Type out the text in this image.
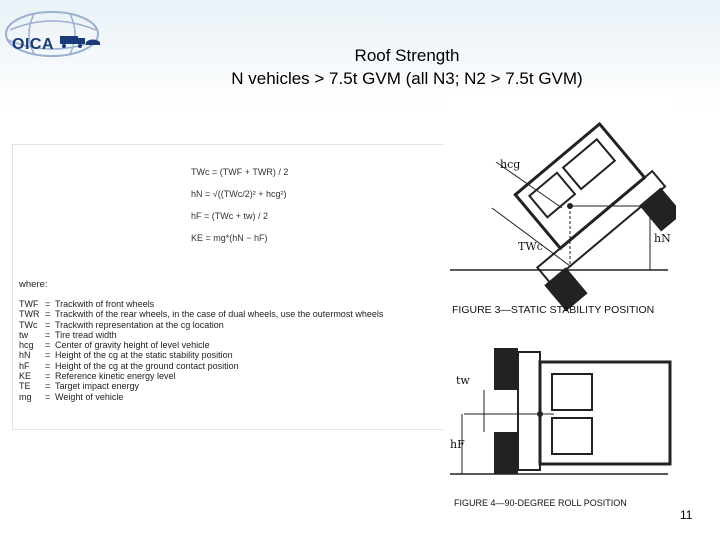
OICA
Roof Strength
N vehicles > 7.5t GVM (all N3; N2 > 7.5t GVM)
TWc = (TWF + TWR) / 2
hN = √((TWc/2)² + hcg²)
hF = (TWc + tw) / 2
KE = mg*(hN − hF)
where:
TWF = Trackwith of front wheels
TWR = Trackwith of the rear wheels, in the case of dual wheels, use the outermost wheels
TWc = Trackwith representation at the cg location
tw	= Tire tread width
hcg	= Center of gravity height of level vehicle
hN	= Height of the cg at the static stability position
hF	= Height of the cg at the ground contact position
KE	= Reference kinetic energy level
TE	= Target impact energy
mg	= Weight of vehicle
hcg
hN
TWc
tw
hF
FIGURE 3—STATIC STABILITY POSITION
FIGURE 4—90-DEGREE ROLL POSITION
11
